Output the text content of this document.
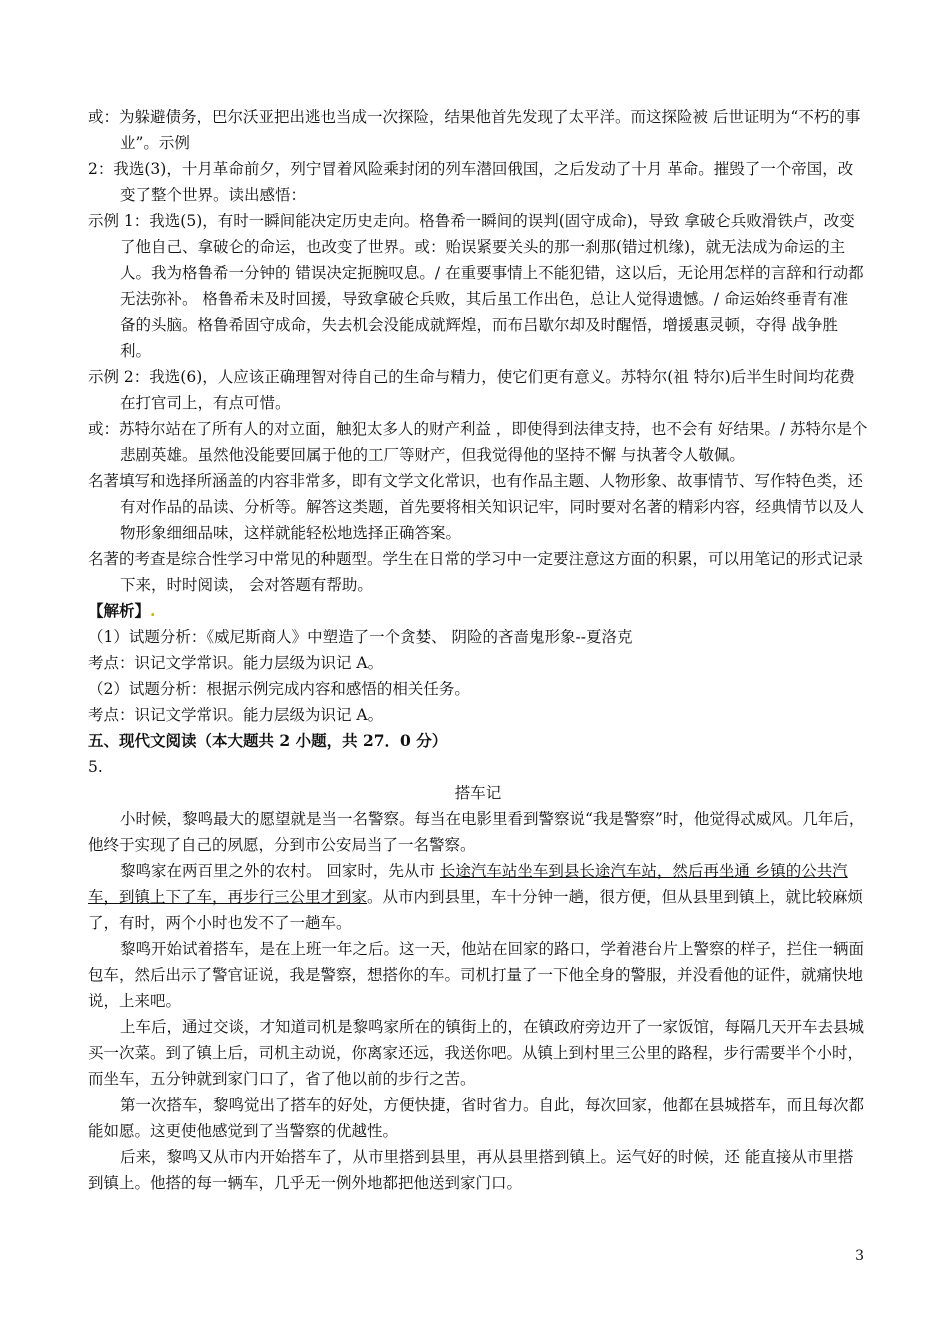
或：为躲避债务，巴尔沃亚把出逃也当成一次探险，结果他首先发现了太平洋。而这探险被 后世证明为“不朽的事业”。示例

2：我选(3)，十月革命前夕，列宁冒着风险乘封闭的列车潜回俄国，之后发动了十月 革命。摧毁了一个帝国，改变了整个世界。读出感悟：

示例 1：我选(5)，有时一瞬间能决定历史走向。格鲁希一瞬间的误判(固守成命)，导致 拿破仑兵败滑铁卢，改变了他自己、拿破仑的命运，也改变了世界。或：贻误紧要关头的那一刹那(错过机缘)，就无法成为命运的主人。我为格鲁希一分钟的 错误决定扼腕叹息。/ 在重要事情上不能犯错，这以后，无论用怎样的言辞和行动都无法弥补。 格鲁希未及时回援，导致拿破仑兵败，其后虽工作出色，总让人觉得遗憾。/ 命运始终垂青有准 备的头脑。格鲁希固守成命，失去机会没能成就辉煌，而布吕歇尔却及时醒悟，增援惠灵顿，夺得 战争胜利。

示例 2：我选(6)，人应该正确理智对待自己的生命与精力，使它们更有意义。苏特尔(祖 特尔)后半生时间均花费在打官司上，有点可惜。

或：苏特尔站在了所有人的对立面，触犯太多人的财产利益 ，即使得到法律支持，也不会有 好结果。/ 苏特尔是个悲剧英雄。虽然他没能要回属于他的工厂等财产，但我觉得他的坚持不懈 与执著令人敬佩。

名著填写和选择所涵盖的内容非常多，即有文学文化常识，也有作品主题、人物形象、故事情节、写作特色类，还有对作品的品读、分析等。解答这类题，首先要将相关知识记牢，同时要对名著的精彩内容，经典情节以及人物形象细细品味，这样就能轻松地选择正确答案。

名著的考查是综合性学习中常见的种题型。学生在日常的学习中一定要注意这方面的积累，可以用笔记的形式记录下来，时时阅读， 会对答题有帮助。

【解析】.

（1）试题分析：《威尼斯商人》中塑造了一个贪婪、 阴险的吝啬鬼形象--夏洛克

考点：识记文学常识。能力层级为识记 A。

（2）试题分析：根据示例完成内容和感悟的相关任务。

考点：识记文学常识。能力层级为识记 A。

五、现代文阅读（本大题共 2 小题，共 27．0 分）

5.

搭车记

小时候，黎鸣最大的愿望就是当一名警察。每当在电影里看到警察说“我是警察”时，他觉得忒威风。几年后，他终于实现了自己的夙愿，分到市公安局当了一名警察。

黎鸣家在两百里之外的农村。 回家时，先从市 长途汽车站坐车到县长途汽车站，然后再坐通 乡镇的公共汽车，到镇上下了车，再步行三公里才到家。从市内到县里，车十分钟一趟，很方便，但从县里到镇上，就比较麻烦了，有时，两个小时也发不了一趟车。

黎鸣开始试着搭车，是在上班一年之后。这一天，他站在回家的路口，学着港台片上警察的样子，拦住一辆面包车，然后出示了警官证说，我是警察，想搭你的车。司机打量了一下他全身的警服，并没看他的证件，就痛快地说，上来吧。

上车后，通过交谈，才知道司机是黎鸣家所在的镇街上的，在镇政府旁边开了一家饭馆，每隔几天开车去县城买一次菜。到了镇上后，司机主动说，你离家还远，我送你吧。从镇上到村里三公里的路程，步行需要半个小时，而坐车，五分钟就到家门口了，省了他以前的步行之苦。

第一次搭车，黎鸣觉出了搭车的好处，方便快捷，省时省力。自此，每次回家，他都在县城搭车，而且每次都能如愿。这更使他感觉到了当警察的优越性。

后来，黎鸣又从市内开始搭车了，从市里搭到县里，再从县里搭到镇上。运气好的时候，还 能直接从市里搭到镇上。他搭的每一辆车，几乎无一例外地都把他送到家门口。

3
